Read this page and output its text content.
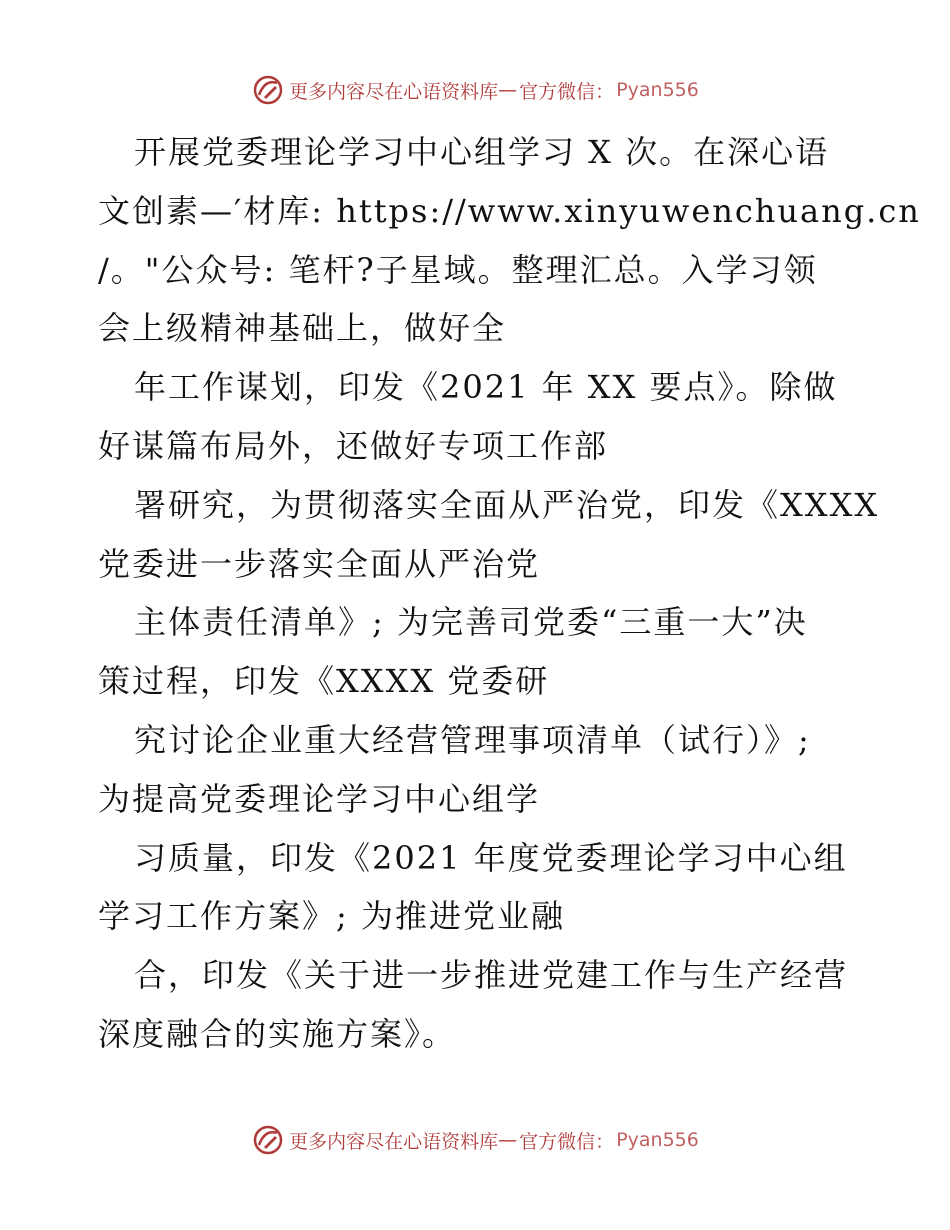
更多内容尽在心语资料库 — 官方微信： Pyan556
开展党委理论学习中心组学习 X 次。在深心语
文创素—′材库: https://www.xinyuwenchuang.cn
/。"公众号: 笔杆?子星域。整理汇总。入学习领
会上级精神基础上，做好全
年工作谋划，印发《2021 年 XX 要点》。除做
好谋篇布局外，还做好专项工作部
署研究，为贯彻落实全面从严治党，印发《XXXX
党委进一步落实全面从严治党
主体责任清单》; 为完善司党委“三重一大”决
策过程，印发《XXXX 党委研
究讨论企业重大经营管理事项清单（试行）》;
为提高党委理论学习中心组学
习质量，印发《2021 年度党委理论学习中心组
学习工作方案》; 为推进党业融
合，印发《关于进一步推进党建工作与生产经营
深度融合的实施方案》。
更多内容尽在心语资料库 — 官方微信： Pyan556
